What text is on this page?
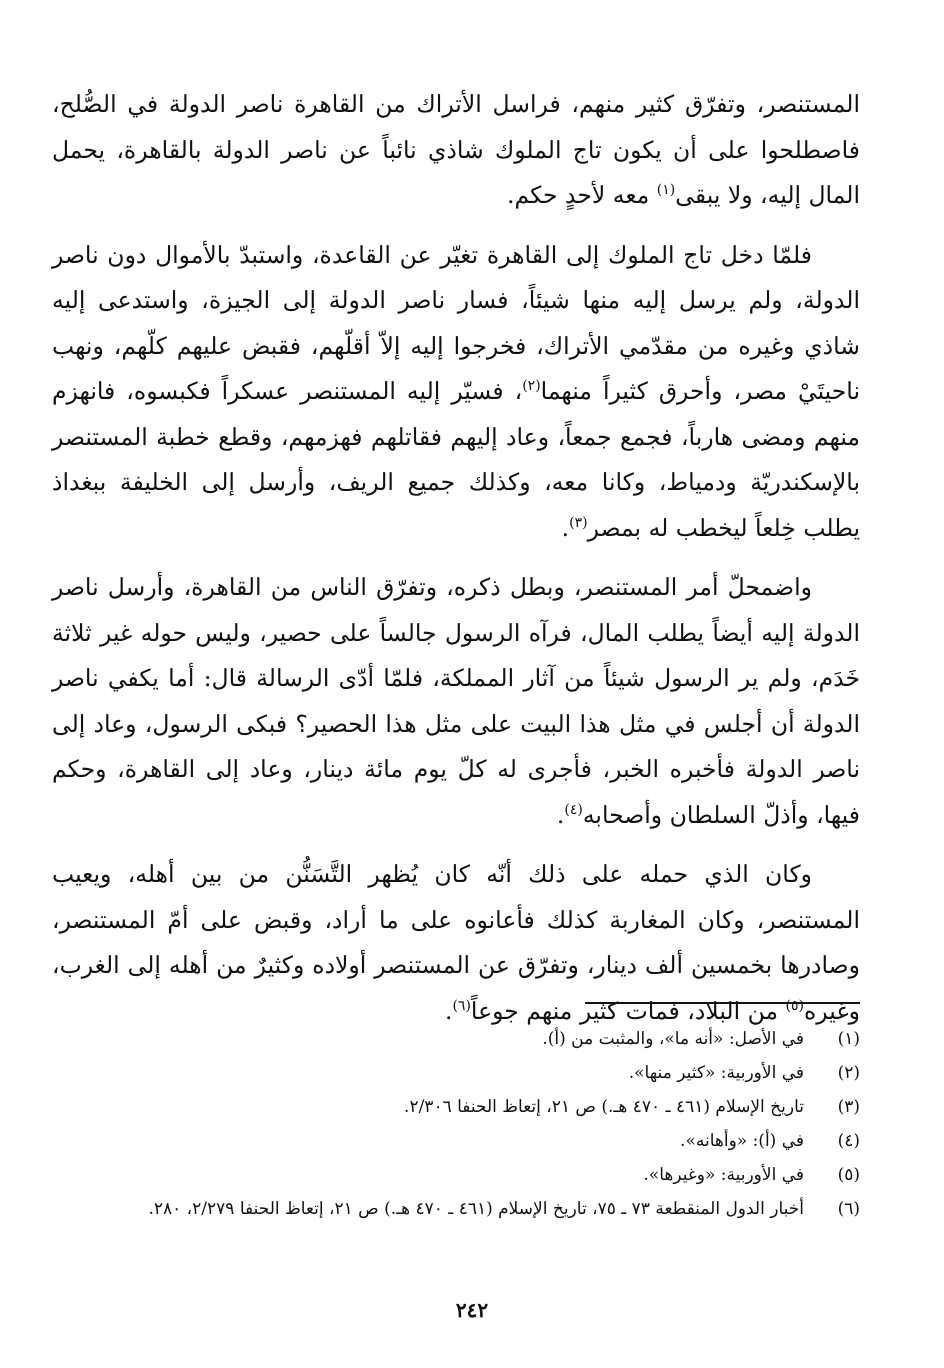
المستنصر، وتفرّق كثير منهم، فراسل الأتراك من القاهرة ناصر الدولة في الصُّلح، فاصطلحوا على أن يكون تاج الملوك شاذي نائباً عن ناصر الدولة بالقاهرة، يحمل المال إليه، ولا يبقى$^{(١)}$ معه لأحدٍ حكم.

فلمّا دخل تاج الملوك إلى القاهرة تغيّر عن القاعدة، واستبدّ بالأموال دون ناصر الدولة، ولم يرسل إليه منها شيئاً، فسار ناصر الدولة إلى الجيزة، واستدعى إليه شاذي وغيره من مقدّمي الأتراك، فخرجوا إليه إلاّ أقلّهم، فقبض عليهم كلّهم، ونهب ناحيتَيْ مصر، وأحرق كثيراً منهما$^{(٢)}$، فسيّر إليه المستنصر عسكراً فكبسوه، فانهزم منهم ومضى هارباً، فجمع جمعاً، وعاد إليهم فقاتلهم فهزمهم، وقطع خطبة المستنصر بالإسكندريّة ودمياط، وكانا معه، وكذلك جميع الريف، وأرسل إلى الخليفة ببغداذ يطلب خِلعاً ليخطب له بمصر$^{(٣)}$.

واضمحلّ أمر المستنصر، وبطل ذكره، وتفرّق الناس من القاهرة، وأرسل ناصر الدولة إليه أيضاً يطلب المال، فرآه الرسول جالساً على حصير، وليس حوله غير ثلاثة خَدَم، ولم ير الرسول شيئاً من آثار المملكة، فلمّا أدّى الرسالة قال: أما يكفي ناصر الدولة أن أجلس في مثل هذا البيت على مثل هذا الحصير؟ فبكى الرسول، وعاد إلى ناصر الدولة فأخبره الخبر، فأجرى له كلّ يوم مائة دينار، وعاد إلى القاهرة، وحكم فيها، وأذلّ السلطان وأصحابه$^{(٤)}$.

وكان الذي حمله على ذلك أنّه كان يُظهر التَّسَنُّن من بين أهله، ويعيب المستنصر، وكان المغاربة كذلك فأعانوه على ما أراد، وقبض على أمّ المستنصر، وصادرها بخمسين ألف دينار، وتفرّق عن المستنصر أولاده وكثيرٌ من أهله إلى الغرب، وغيره$^{(٥)}$ من البلاد، فمات كثير منهم جوعاً$^{(٦)}$.

(١)
في الأصل: «أنه ما»، والمثبت من (أ).
(٢)
في الأوربية: «كثير منها».
(٣)
تاريخ الإسلام (٤٦١ ـ ٤٧٠ هـ.) ص ٢١، إتعاظ الحنفا ٢/٣٠٦.
(٤)
في (أ): «وأهانه».
(٥)
في الأوربية: «وغيرها».
(٦)
أخبار الدول المنقطعة ٧٣ ـ ٧٥، تاريخ الإسلام (٤٦١ ـ ٤٧٠ هـ.) ص ٢١، إتعاظ الحنفا ٢/٢٧٩، ٢٨٠.
٢٤٢
